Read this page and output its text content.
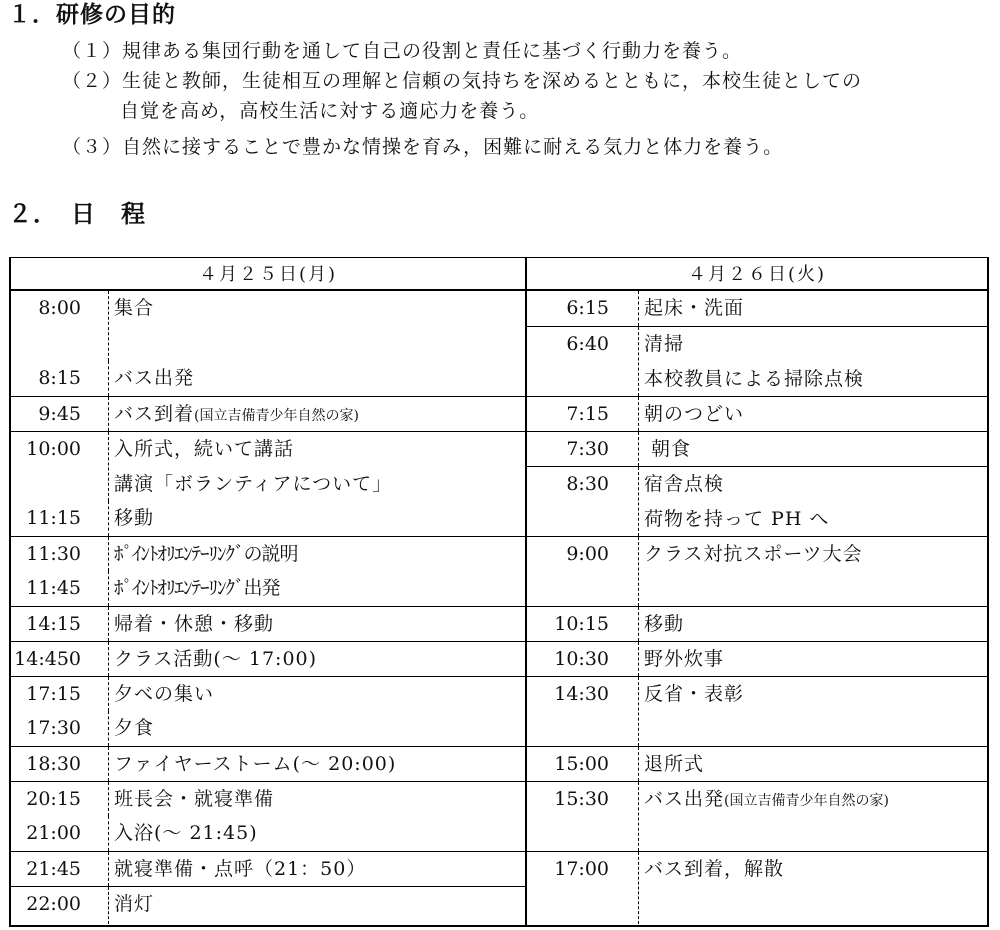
１．研修の目的
（１）規律ある集団行動を通して自己の役割と責任に基づく行動力を養う。
（２）生徒と教師，生徒相互の理解と信頼の気持ちを深めるとともに，本校生徒としての
自覚を高め，高校生活に対する適応力を養う。
（３）自然に接することで豊かな情操を育み，困難に耐える気力と体力を養う。
２．　日　程
４月２５日(月)
8:00 集合
8:15 バス出発
9:45 バス到着(国立吉備青少年自然の家)
10:00 入所式，続いて講話
講演「ボランティアについて」
11:15 移動
11:30 ﾎﾟｲﾝﾄｵﾘｴﾝﾃｰﾘﾝｸﾞの説明
11:45 ﾎﾟｲﾝﾄｵﾘｴﾝﾃｰﾘﾝｸﾞ出発
14:15 帰着・休憩・移動
14:450 クラス活動(～ 17:00)
17:15 夕べの集い
17:30 夕食
18:30 ファイヤーストーム(～ 20:00)
20:15 班長会・就寝準備
21:00 入浴(～ 21:45)
21:45 就寝準備・点呼（21：50）
22:00 消灯
４月２６日(火)
6:15 起床・洗面
6:40 清掃
本校教員による掃除点検
7:15 朝のつどい
7:30 朝食
8:30 宿舎点検
荷物を持って PH へ
9:00 クラス対抗スポーツ大会
10:15 移動
10:30 野外炊事
14:30 反省・表彰
15:00 退所式
15:30 バス出発(国立吉備青少年自然の家)
17:00 バス到着，解散
